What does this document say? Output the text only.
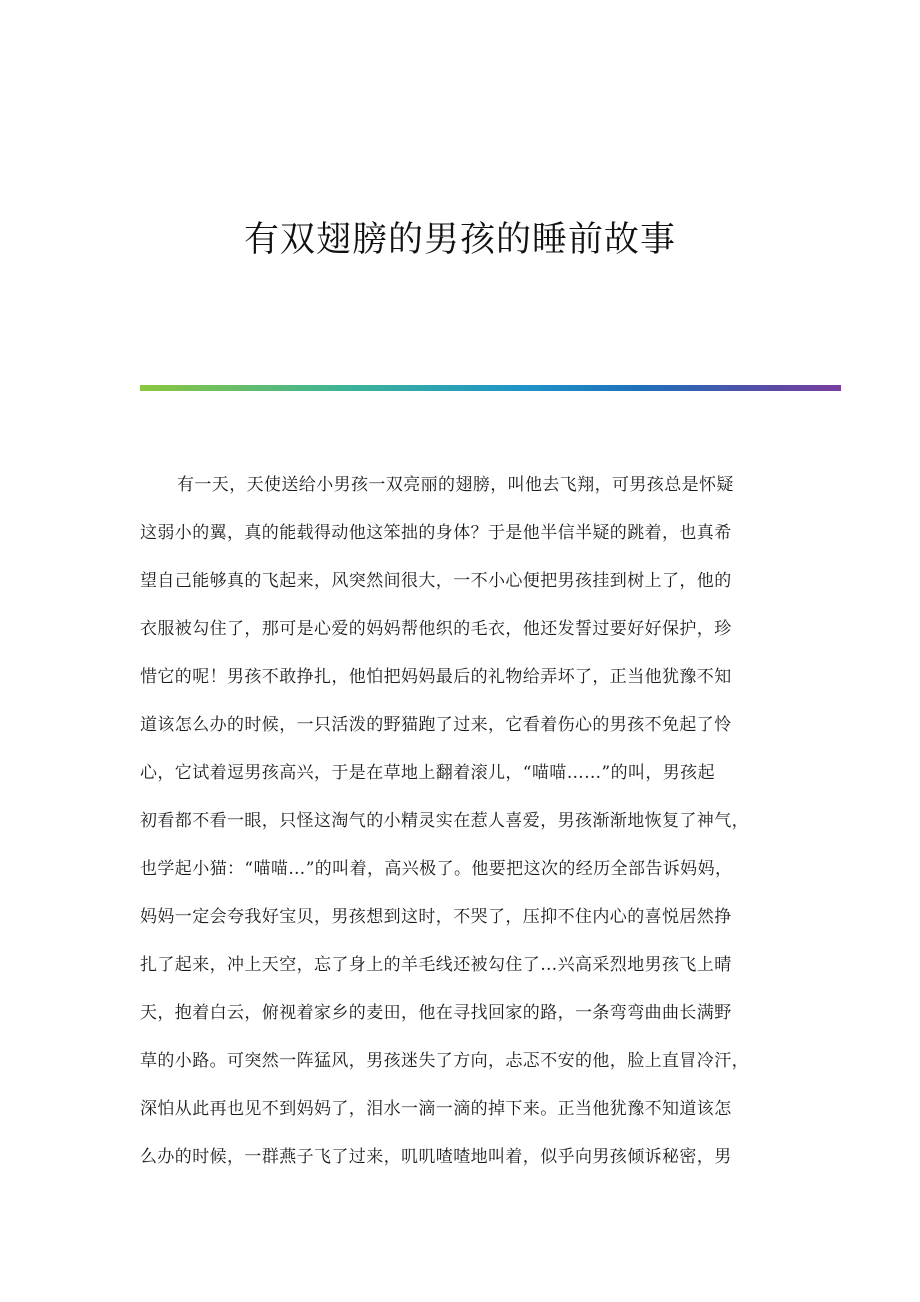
有双翅膀的男孩的睡前故事
有一天，天使送给小男孩一双亮丽的翅膀，叫他去飞翔，可男孩总是怀疑
这弱小的翼，真的能载得动他这笨拙的身体？于是他半信半疑的跳着，也真希
望自己能够真的飞起来，风突然间很大，一不小心便把男孩挂到树上了，他的
衣服被勾住了，那可是心爱的妈妈帮他织的毛衣，他还发誓过要好好保护，珍
惜它的呢！男孩不敢挣扎，他怕把妈妈最后的礼物给弄坏了，正当他犹豫不知
道该怎么办的时候，一只活泼的野猫跑了过来，它看着伤心的男孩不免起了怜
心，它试着逗男孩高兴，于是在草地上翻着滚儿，“喵喵……”的叫，男孩起
初看都不看一眼，只怪这淘气的小精灵实在惹人喜爱，男孩渐渐地恢复了神气，
也学起小猫：“喵喵…”的叫着，高兴极了。他要把这次的经历全部告诉妈妈，
妈妈一定会夸我好宝贝，男孩想到这时，不哭了，压抑不住内心的喜悦居然挣
扎了起来，冲上天空，忘了身上的羊毛线还被勾住了…兴高采烈地男孩飞上晴
天，抱着白云，俯视着家乡的麦田，他在寻找回家的路，一条弯弯曲曲长满野
草的小路。可突然一阵猛风，男孩迷失了方向，忐忑不安的他，脸上直冒冷汗，
深怕从此再也见不到妈妈了，泪水一滴一滴的掉下来。正当他犹豫不知道该怎
么办的时候，一群燕子飞了过来，叽叽喳喳地叫着，似乎向男孩倾诉秘密，男
